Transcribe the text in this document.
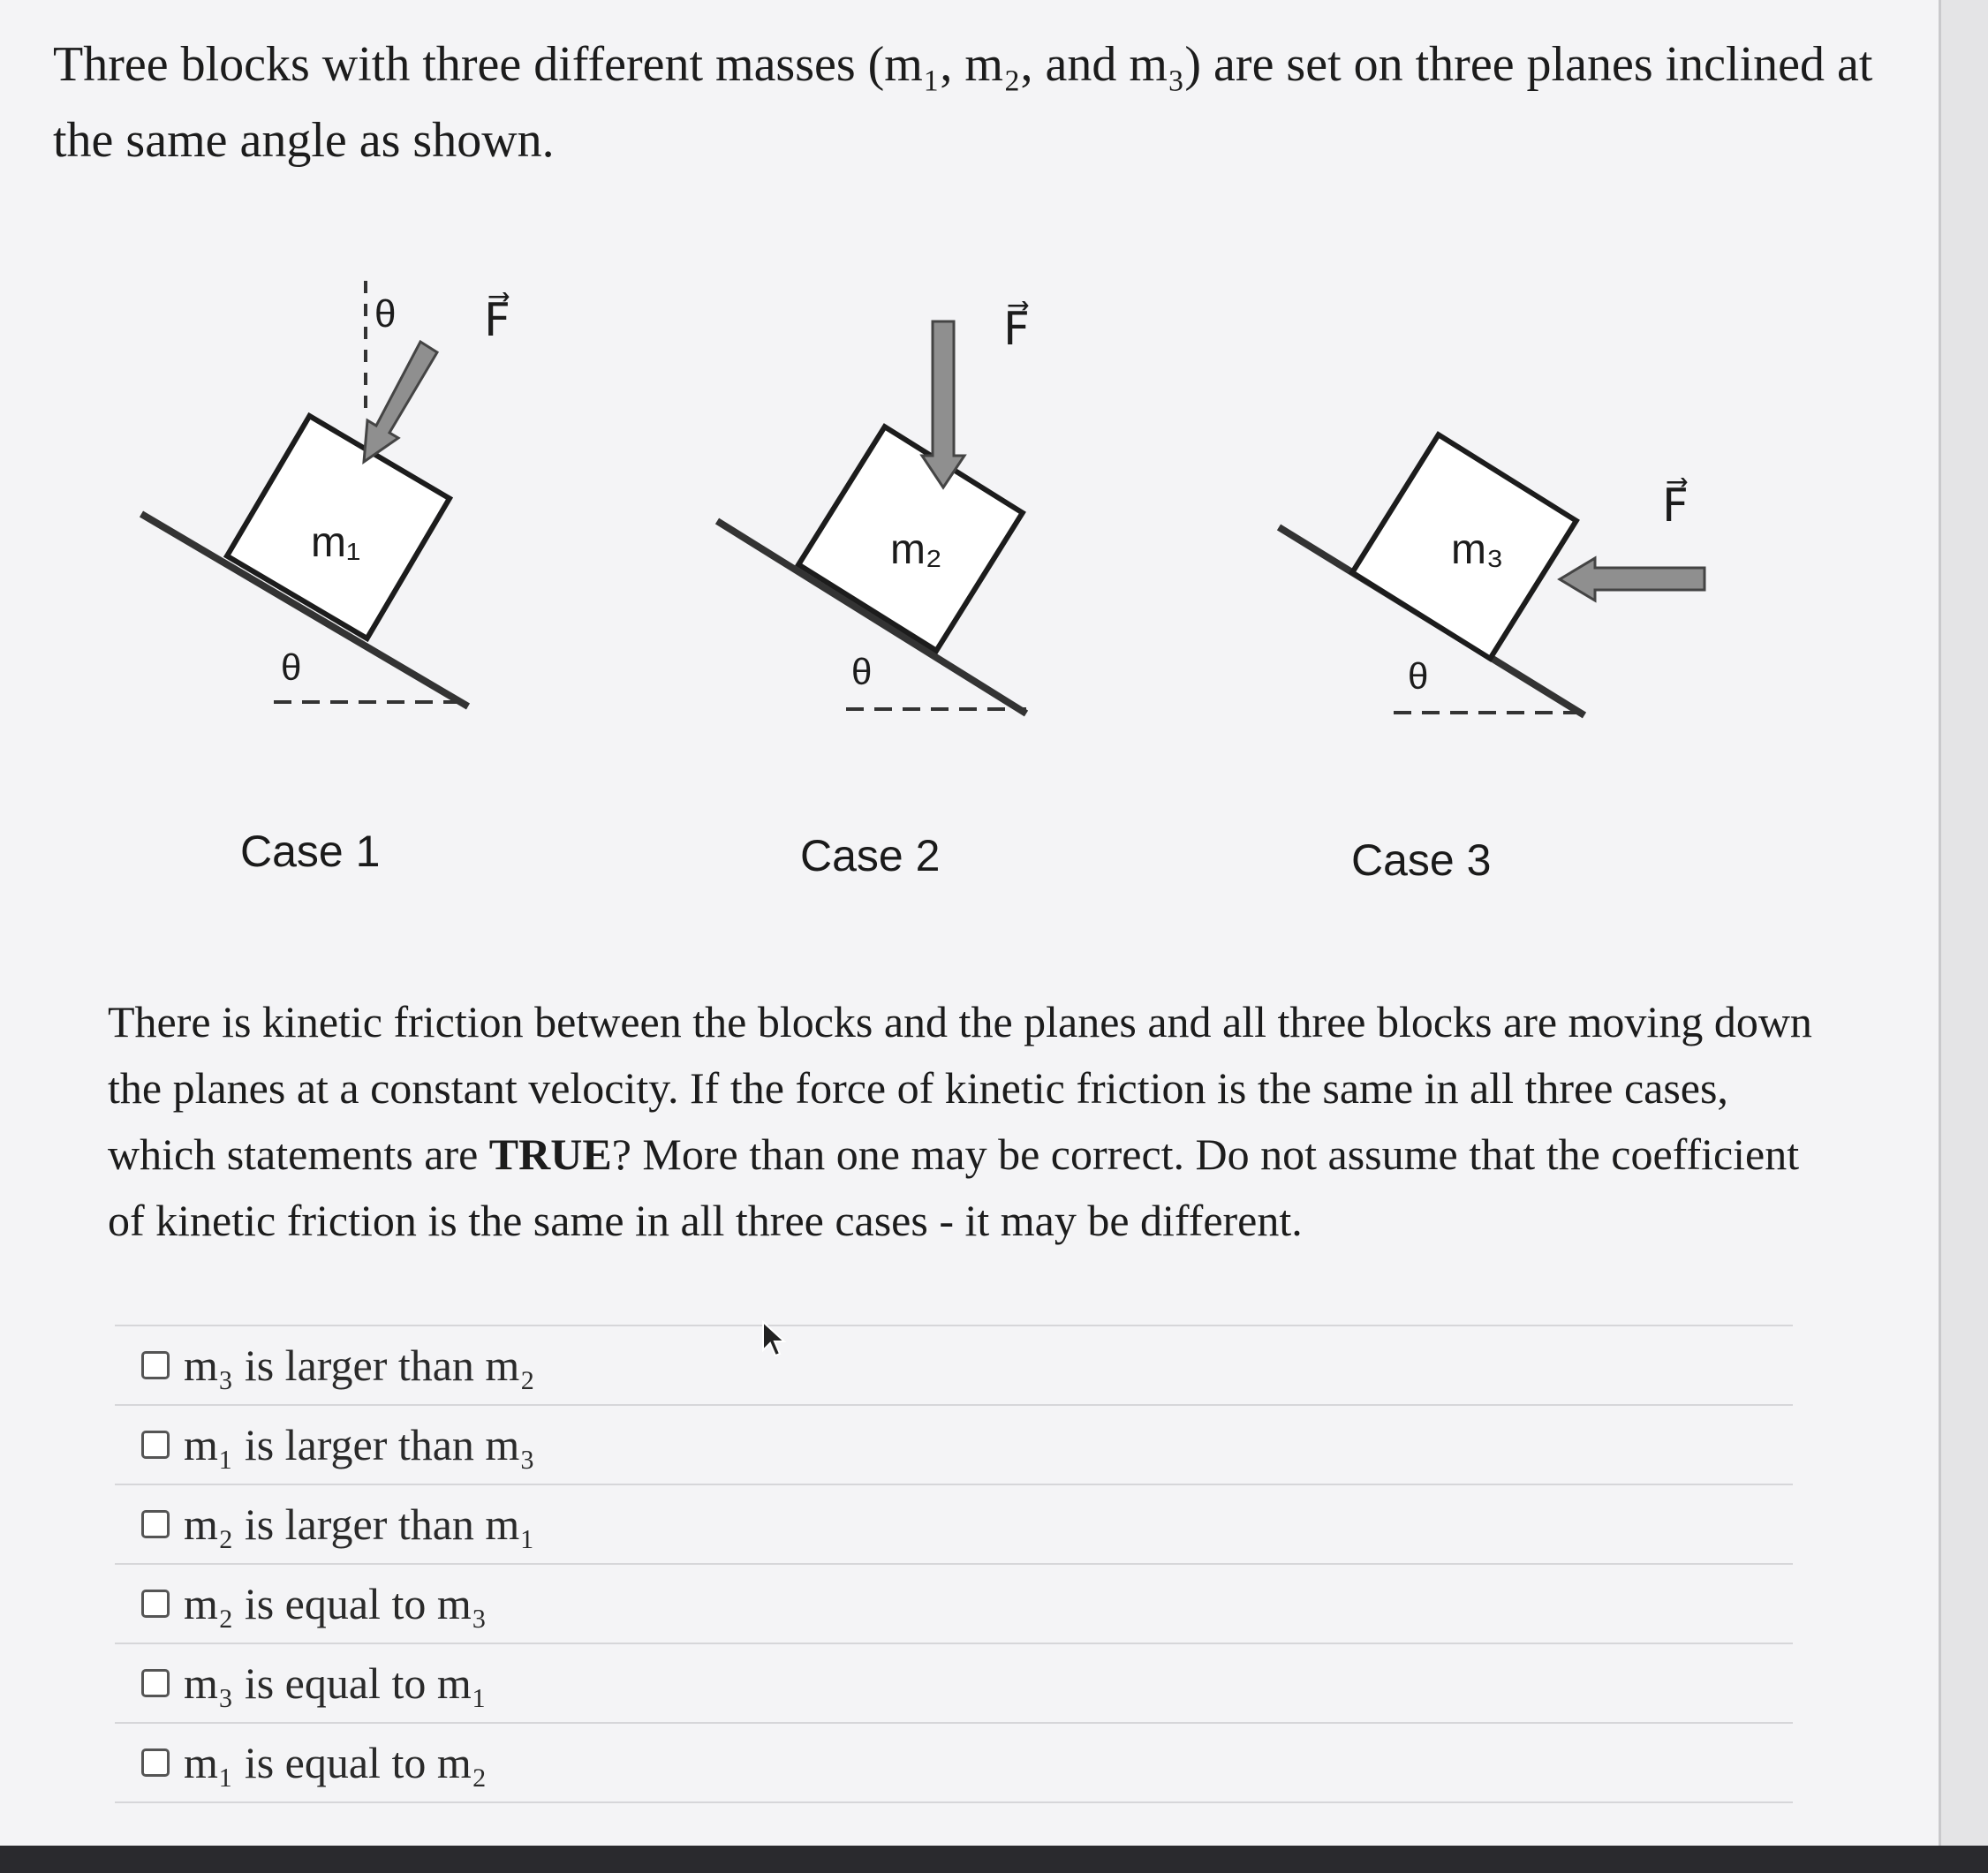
Three blocks with three different masses (m₁, m₂, and m₃) are set on three planes inclined at the same angle as shown.

m₁
θ
θ F⃗
m₂
θ
F⃗
m₃
θ
F⃗
Case 1	Case 2	Case 3

There is kinetic friction between the blocks and the planes and all three blocks are moving down the planes at a constant velocity. If the force of kinetic friction is the same in all three cases, which statements are TRUE? More than one may be correct. Do not assume that the coefficient of kinetic friction is the same in all three cases - it may be different.

m₃ is larger than m₂
m₁ is larger than m₃
m₂ is larger than m₁
m₂ is equal to m₃
m₃ is equal to m₁
m₁ is equal to m₂
